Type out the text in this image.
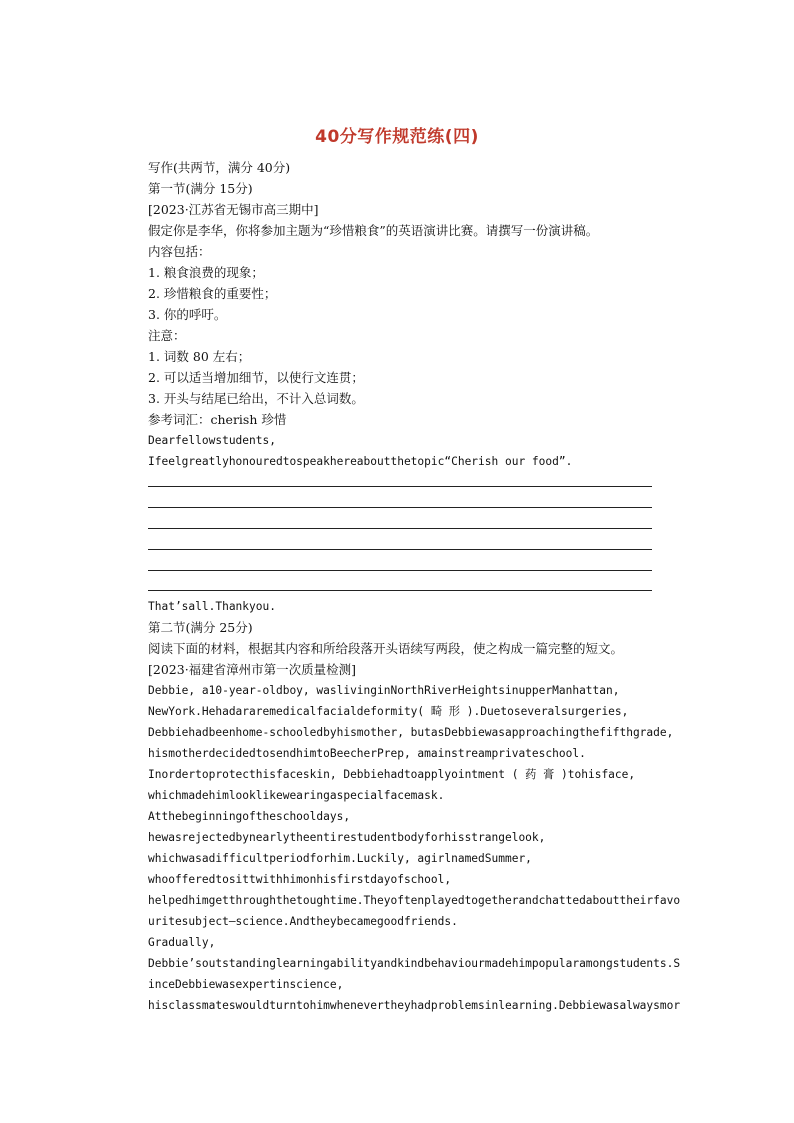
40分写作规范练(四)
写作(共两节，满分 40分)
第一节(满分 15分)
[2023·江苏省无锡市高三期中]
假定你是李华，你将参加主题为“珍惜粮食”的英语演讲比赛。请撰写一份演讲稿。
内容包括：
1. 粮食浪费的现象；
2. 珍惜粮食的重要性；
3. 你的呼吁。
注意：
1. 词数 80 左右；
2. 可以适当增加细节，以使行文连贯；
3. 开头与结尾已给出，不计入总词数。
参考词汇：cherish 珍惜
Dearfellowstudents,
Ifeelgreatlyhonouredtospeakhereaboutthetopic“Cherish our food”.
That’sall.Thankyou.
第二节(满分 25分)
阅读下面的材料，根据其内容和所给段落开头语续写两段，使之构成一篇完整的短文。
[2023·福建省漳州市第一次质量检测]
Debbie, a10-year-oldboy, waslivinginNorthRiverHeightsinupperManhattan,
NewYork.Hehadararemedicalfacialdeformity( 畸 形 ).Duetoseveralsurgeries,
Debbiehadbeenhome-schooledbyhismother, butasDebbiewasapproachingthefifthgrade,
hismotherdecidedtosendhimtoBeecherPrep, amainstreamprivateschool.
Inordertoprotecthisfaceskin, Debbiehadtoapplyointment ( 药 膏 )tohisface,
whichmadehimlooklikewearingaspecialfacemask.
Atthebeginningoftheschooldays,
hewasrejectedbynearlytheentirestudentbodyforhisstrangelook,
whichwasadifficultperiodforhim.Luckily, agirlnamedSummer,
whoofferedtosittwithhimonhisfirstdayofschool,
helpedhimgetthroughthetoughtime.Theyoftenplayedtogetherandchattedabouttheirfavo
uritesubject—science.Andtheybecamegoodfriends.
Gradually,
Debbie’soutstandinglearningabilityandkindbehaviourmadehimpopularamongstudents.S
inceDebbiewasexpertinscience,
hisclassmateswouldturntohimwhenevertheyhadproblemsinlearning.Debbiewasalwaysmor
